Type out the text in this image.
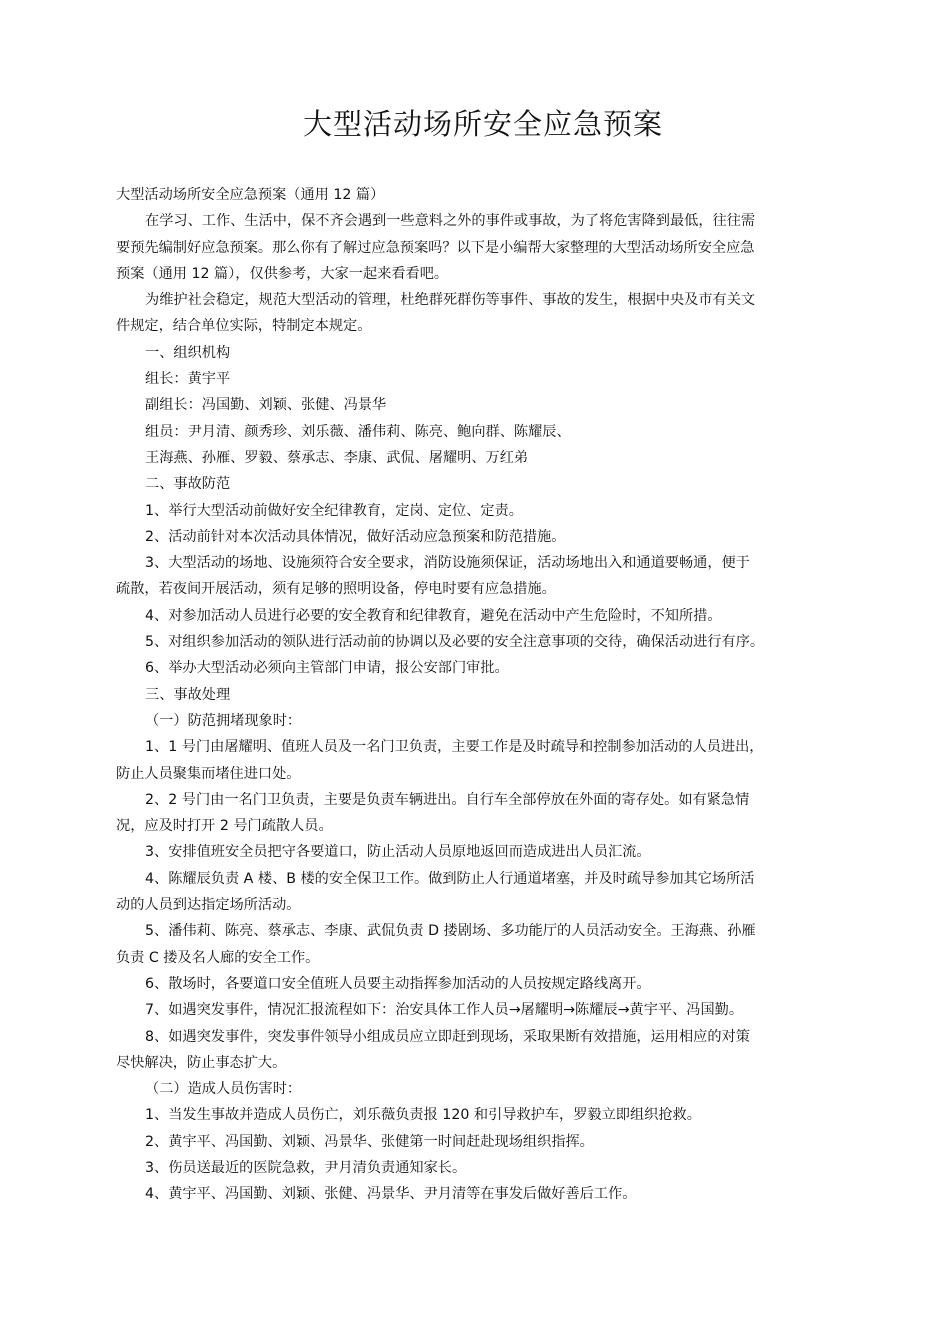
大型活动场所安全应急预案

大型活动场所安全应急预案（通用 12 篇）

在学习、工作、生活中，保不齐会遇到一些意料之外的事件或事故，为了将危害降到最低，往往需

要预先编制好应急预案。那么你有了解过应急预案吗？以下是小编帮大家整理的大型活动场所安全应急

预案（通用 12 篇），仅供参考，大家一起来看看吧。

为维护社会稳定，规范大型活动的管理，杜绝群死群伤等事件、事故的发生，根据中央及市有关文

件规定，结合单位实际，特制定本规定。

一、组织机构

组长：黄宇平

副组长：冯国勤、刘颖、张健、冯景华

组员：尹月清、颜秀珍、刘乐薇、潘伟莉、陈亮、鲍向群、陈耀辰、

王海燕、孙雁、罗毅、蔡承志、李康、武侃、屠耀明、万红弟

二、事故防范

1、举行大型活动前做好安全纪律教育，定岗、定位、定责。

2、活动前针对本次活动具体情况，做好活动应急预案和防范措施。

3、大型活动的场地、设施须符合安全要求，消防设施须保证，活动场地出入和通道要畅通，便于

疏散，若夜间开展活动，须有足够的照明设备，停电时要有应急措施。

4、对参加活动人员进行必要的安全教育和纪律教育，避免在活动中产生危险时，不知所措。

5、对组织参加活动的领队进行活动前的协调以及必要的安全注意事项的交待，确保活动进行有序。

6、举办大型活动必须向主管部门申请，报公安部门审批。

三、事故处理

（一）防范拥堵现象时：

1、1 号门由屠耀明、值班人员及一名门卫负责，主要工作是及时疏导和控制参加活动的人员进出，

防止人员聚集而堵住进口处。

2、2 号门由一名门卫负责，主要是负责车辆进出。自行车全部停放在外面的寄存处。如有紧急情

况，应及时打开 2 号门疏散人员。

3、安排值班安全员把守各要道口，防止活动人员原地返回而造成进出人员汇流。

4、陈耀辰负责 A 楼、B 楼的安全保卫工作。做到防止人行通道堵塞，并及时疏导参加其它场所活

动的人员到达指定场所活动。

5、潘伟莉、陈亮、蔡承志、李康、武侃负责 D 搂剧场、多功能厅的人员活动安全。王海燕、孙雁

负责 C 搂及名人廊的安全工作。

6、散场时，各要道口安全值班人员要主动指挥参加活动的人员按规定路线离开。

7、如遇突发事件，情况汇报流程如下：治安具体工作人员→屠耀明→陈耀辰→黄宇平、冯国勤。

8、如遇突发事件，突发事件领导小组成员应立即赶到现场，采取果断有效措施，运用相应的对策

尽快解决，防止事态扩大。

（二）造成人员伤害时：

1、当发生事故并造成人员伤亡，刘乐薇负责报 120 和引导救护车，罗毅立即组织抢救。

2、黄宇平、冯国勤、刘颖、冯景华、张健第一时间赶赴现场组织指挥。

3、伤员送最近的医院急救，尹月清负责通知家长。

4、黄宇平、冯国勤、刘颖、张健、冯景华、尹月清等在事发后做好善后工作。
